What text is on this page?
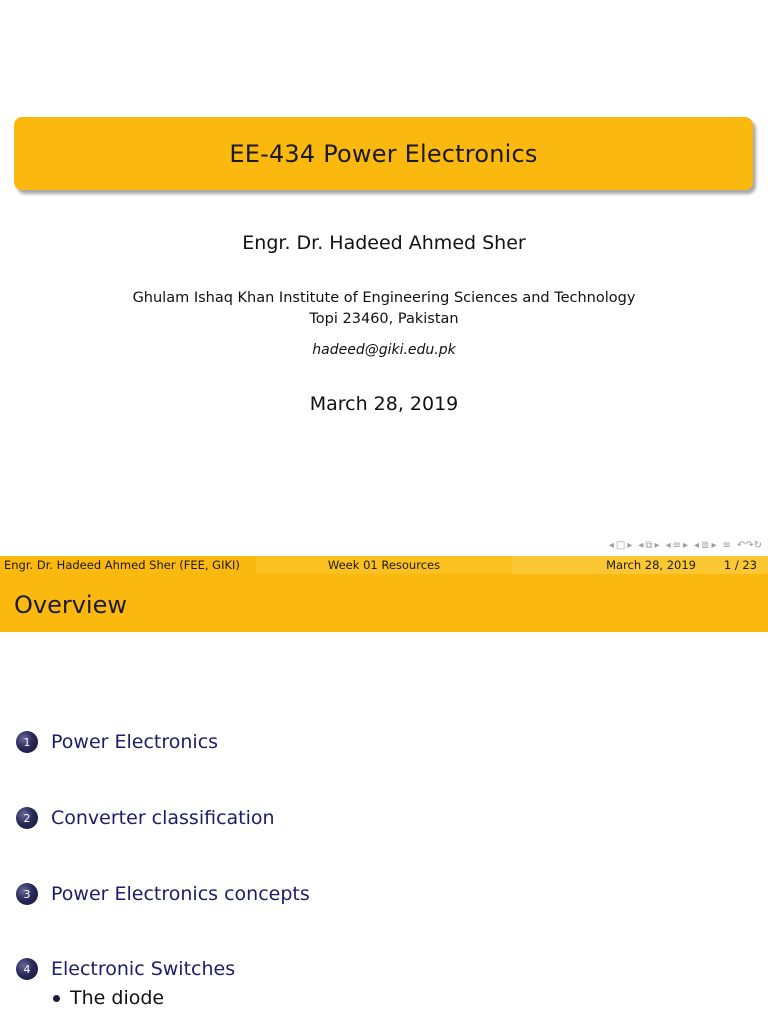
EE-434 Power Electronics
Engr. Dr. Hadeed Ahmed Sher
Ghulam Ishaq Khan Institute of Engineering Sciences and Technology
Topi 23460, Pakistan
hadeed@giki.edu.pk
March 28, 2019
◂ □ ▸ ◂ ⧉ ▸ ◂ ≡ ▸ ◂ ≣ ▸ ≡ ↶↷↻
Engr. Dr. Hadeed Ahmed Sher (FEE, GIKI)	Week 01 Resources	March 28, 2019 1 / 23
Overview
1	Power Electronics
2	Converter classification
3	Power Electronics concepts
4	Electronic Switches
The diode
